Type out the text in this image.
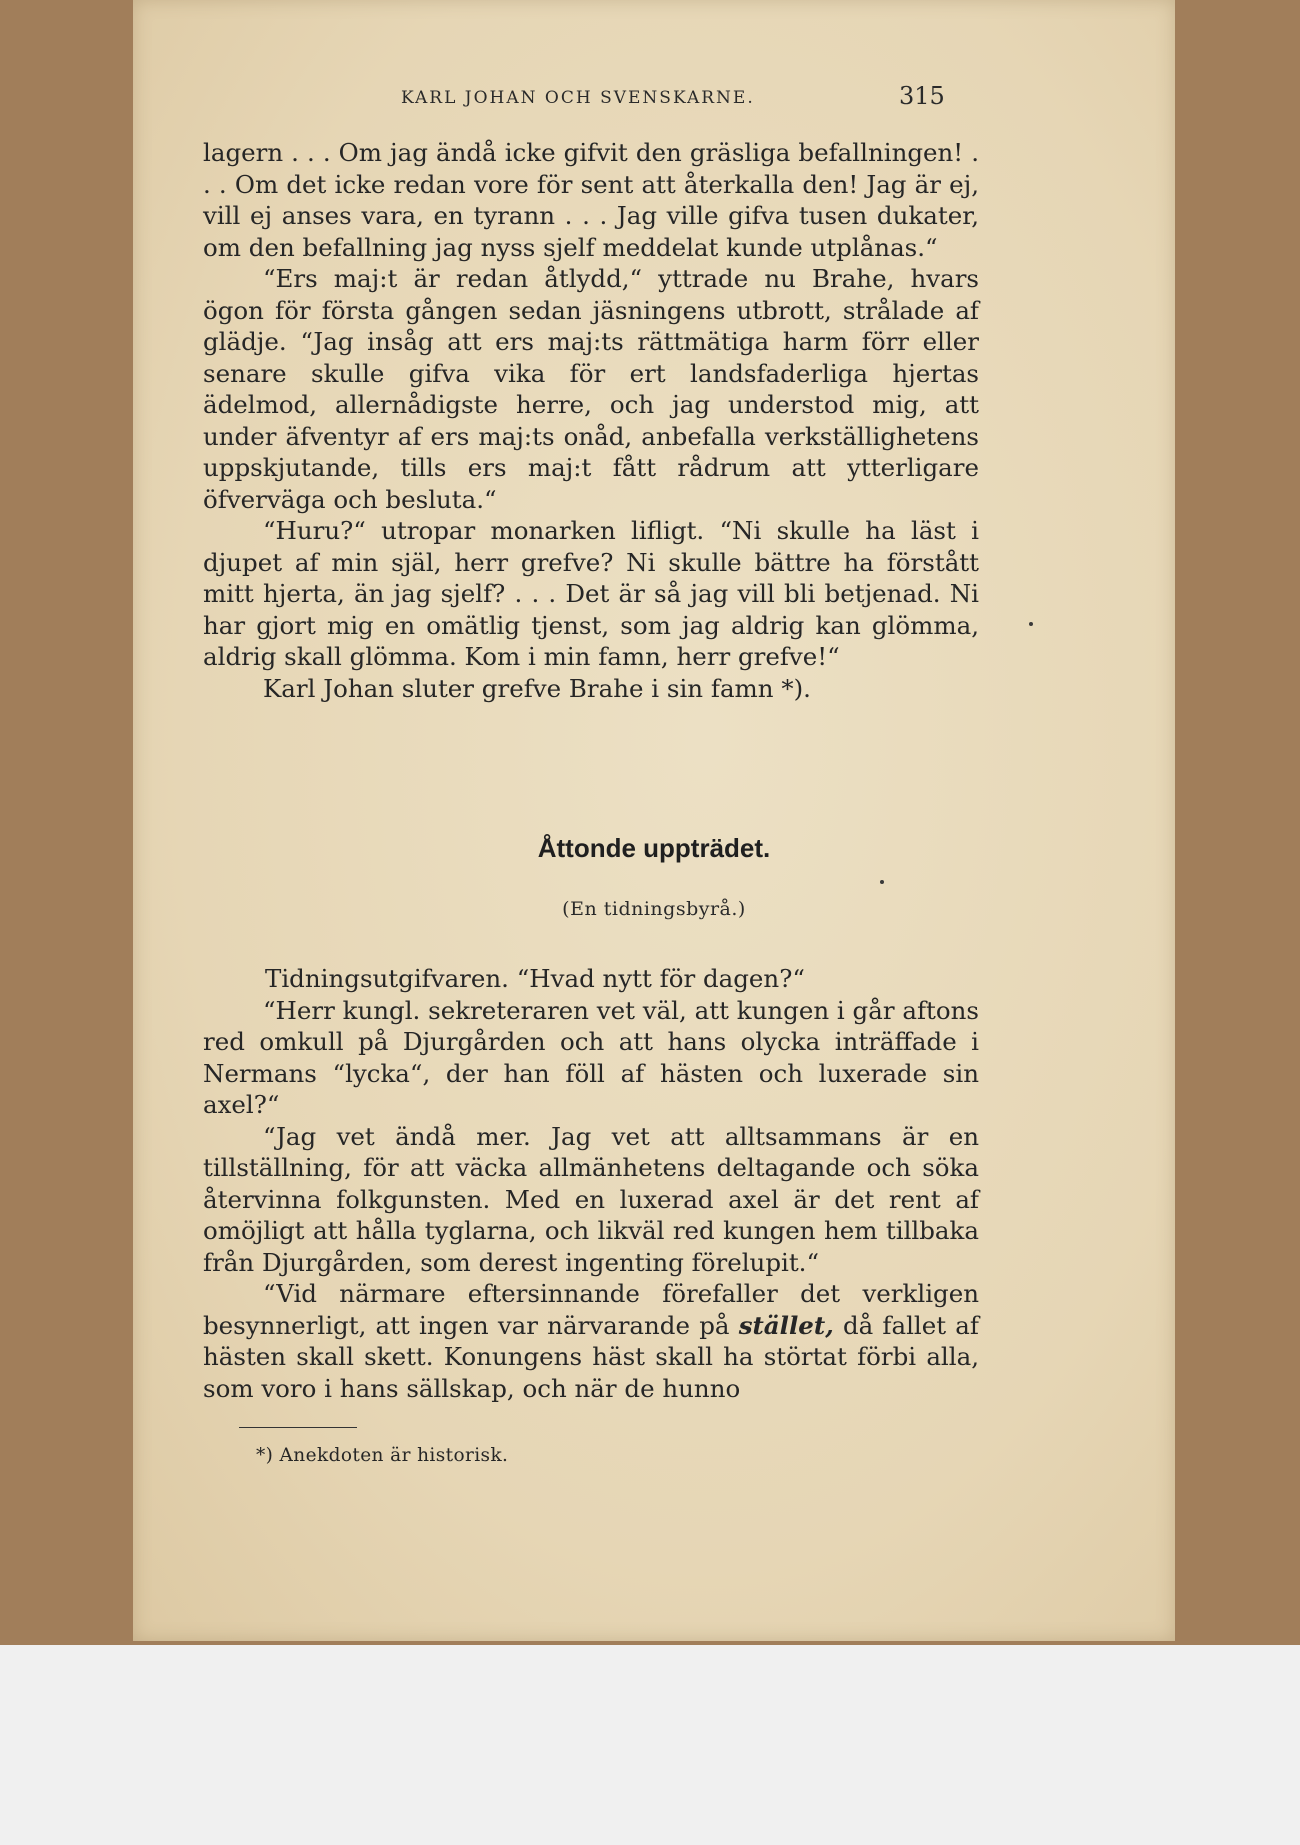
KARL JOHAN OCH SVENSKARNE.	315

lagern . . . Om jag ändå icke gifvit den gräsliga befallningen! . . . Om det icke redan vore för sent att återkalla den! Jag är ej, vill ej anses vara, en tyrann . . . Jag ville gifva tusen dukater, om den befallning jag nyss sjelf meddelat kunde utplånas.“

“Ers maj:t är redan åtlydd,“ yttrade nu Brahe, hvars ögon för första gången sedan jäsningens utbrott, strålade af glädje. “Jag insåg att ers maj:ts rättmätiga harm förr eller senare skulle gifva vika för ert landsfaderliga hjertas ädelmod, allernådigste herre, och jag understod mig, att under äfventyr af ers maj:ts onåd, anbefalla verkställighetens uppskjutande, tills ers maj:t fått rådrum att ytterligare öfverväga och besluta.“

“Huru?“ utropar monarken lifligt. “Ni skulle ha läst i djupet af min själ, herr grefve? Ni skulle bättre ha förstått mitt hjerta, än jag sjelf? . . . Det är så jag vill bli betjenad. Ni har gjort mig en omätlig tjenst, som jag aldrig kan glömma, aldrig skall glömma. Kom i min famn, herr grefve!“

Karl Johan sluter grefve Brahe i sin famn *).

Åttonde uppträdet.
(En tidningsbyrå.)

Tidningsutgifvaren. “Hvad nytt för dagen?“

“Herr kungl. sekreteraren vet väl, att kungen i går aftons red omkull på Djurgården och att hans olycka inträffade i Nermans “lycka“, der han föll af hästen och luxerade sin axel?“

“Jag vet ändå mer. Jag vet att alltsammans är en tillställning, för att väcka allmänhetens deltagande och söka återvinna folkgunsten. Med en luxerad axel är det rent af omöjligt att hålla tyglarna, och likväl red kungen hem tillbaka från Djurgården, som derest ingenting förelupit.“

“Vid närmare eftersinnande förefaller det verkligen besynnerligt, att ingen var närvarande på stället, då fallet af hästen skall skett. Konungens häst skall ha störtat förbi alla, som voro i hans sällskap, och när de hunno

*) Anekdoten är historisk.
